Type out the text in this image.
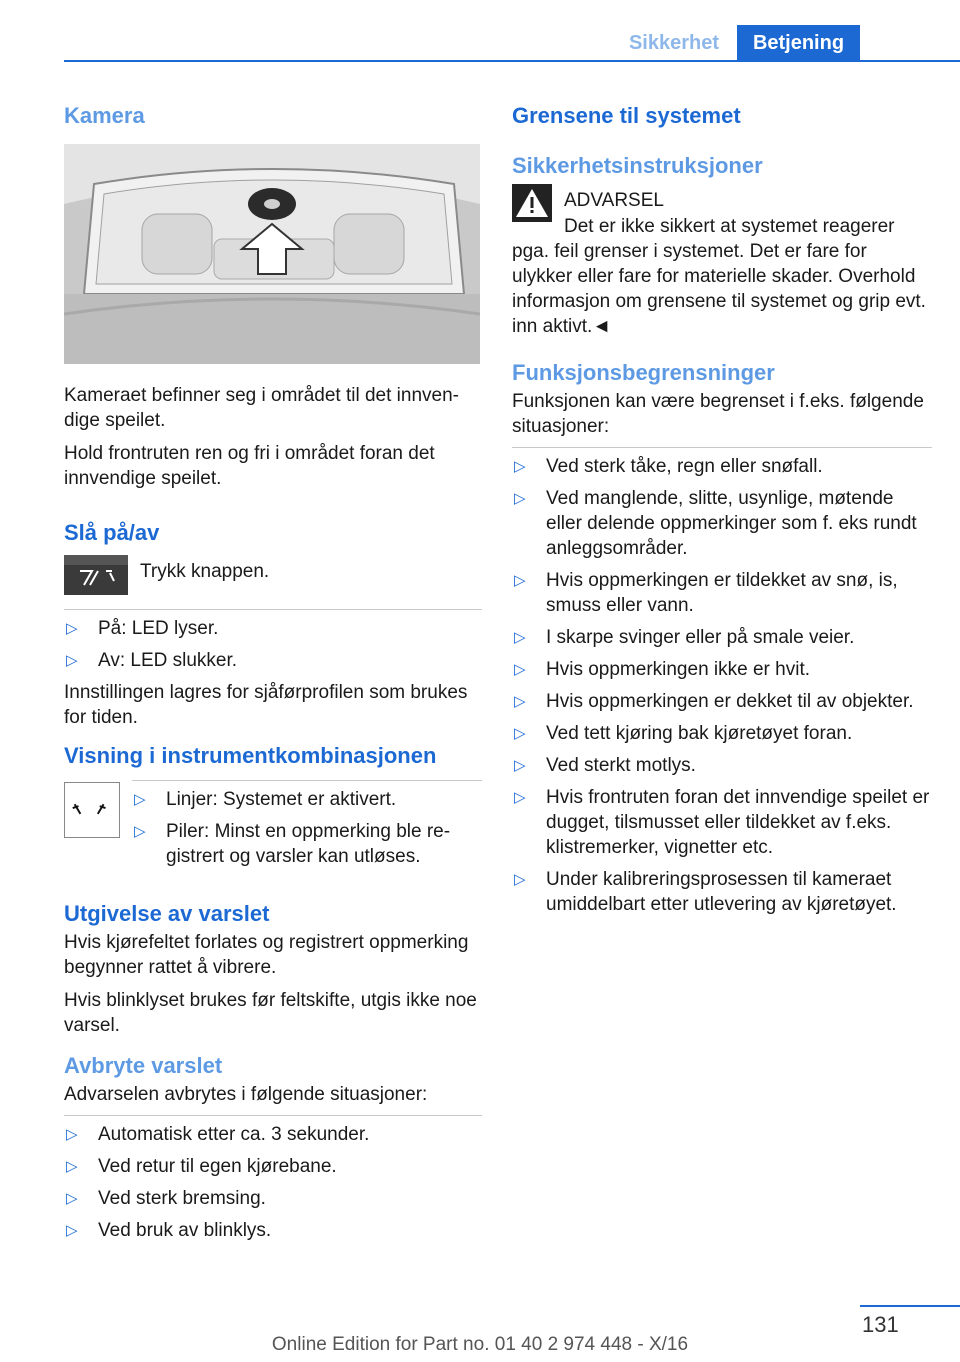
Sikkerhet	Betjening
Kamera

Kameraet befinner seg i området til det innvendige speilet.

Hold frontruten ren og fri i området foran det innvendige speilet.

Slå på/av

Trykk knappen.

▷ På: LED lyser.
▷ Av: LED slukker.

Innstillingen lagres for sjåførprofilen som brukes for tiden.

Visning i instrumentkombinasjonen
▷ Linjer: Systemet er aktivert.
▷ Piler: Minst en oppmerking ble registrert og varsler kan utløses.
Utgivelse av varslet

Hvis kjørefeltet forlates og registrert oppmerking begynner rattet å vibrere.

Hvis blinklyset brukes før feltskifte, utgis ikke noe varsel.

Avbryte varslet

Advarselen avbrytes i følgende situasjoner:

▷ Automatisk etter ca. 3 sekunder.
▷ Ved retur til egen kjørebane.
▷ Ved sterk bremsing.
▷ Ved bruk av blinklys.
Grensene til systemet
Sikkerhetsinstruksjoner

ADVARSEL

Det er ikke sikkert at systemet reagerer pga. feil grenser i systemet. Det er fare for ulykker eller fare for materielle skader. Overhold informasjon om grensene til systemet og grip evt. inn aktivt.◄

Funksjonsbegrensninger

Funksjonen kan være begrenset i f.eks. følgende situasjoner:

▷ Ved sterk tåke, regn eller snøfall.
▷ Ved manglende, slitte, usynlige, møtende eller delende oppmerkinger som f. eks rundt anleggsområder.
▷ Hvis oppmerkingen er tildekket av snø, is, smuss eller vann.
▷ I skarpe svinger eller på smale veier.
▷ Hvis oppmerkingen ikke er hvit.
▷ Hvis oppmerkingen er dekket til av objekter.
▷ Ved tett kjøring bak kjøretøyet foran.
▷ Ved sterkt motlys.
▷ Hvis frontruten foran det innvendige speilet er dugget, tilsmusset eller tildekket av f.eks. klistremerker, vignetter etc.
▷ Under kalibreringsprosessen til kameraet umiddelbart etter utlevering av kjøretøyet.
131
Online Edition for Part no. 01 40 2 974 448 - X/16
